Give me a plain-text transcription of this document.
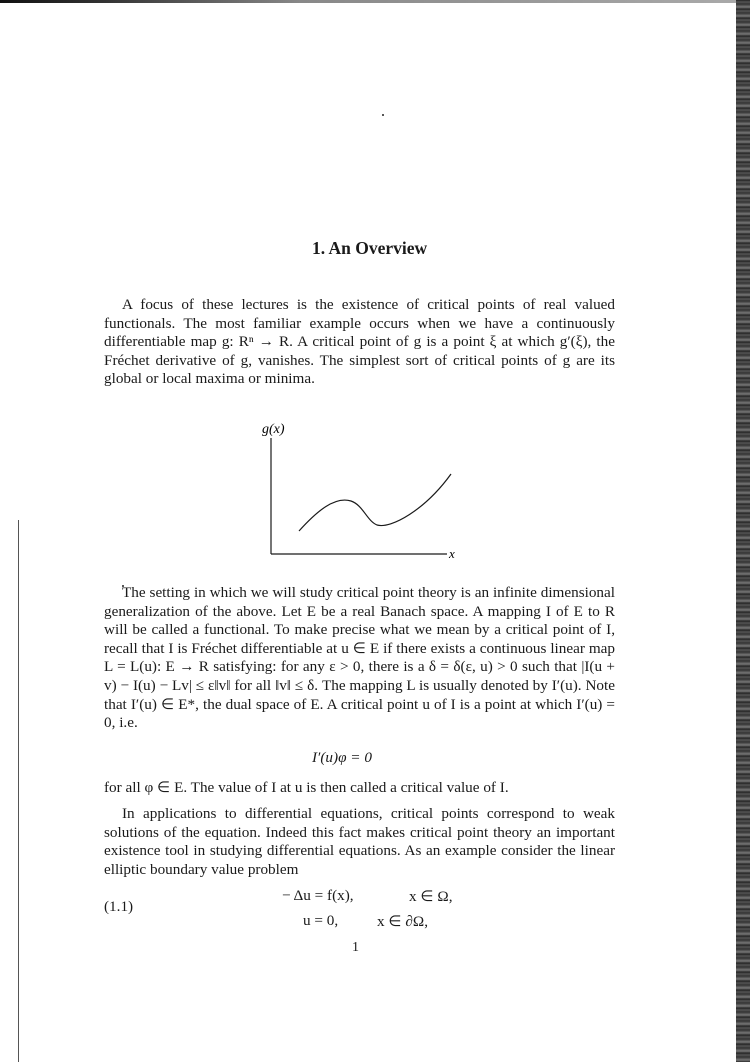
1. An Overview

A focus of these lectures is the existence of critical points of real valued functionals. The most familiar example occurs when we have a continuously differentiable map g: Rⁿ → R. A critical point of g is a point ξ at which g′(ξ), the Fréchet derivative of g, vanishes. The simplest sort of critical points of g are its global or local maxima or minima.

g(x)
x

The setting in which we will study critical point theory is an infinite dimensional generalization of the above. Let E be a real Banach space. A mapping I of E to R will be called a functional. To make precise what we mean by a critical point of I, recall that I is Fréchet differentiable at u ∈ E if there exists a continuous linear map L = L(u): E → R satisfying: for any ε > 0, there is a δ = δ(ε, u) > 0 such that |I(u + v) − I(u) − Lv| ≤ ε‖v‖ for all ‖v‖ ≤ δ. The mapping L is usually denoted by I′(u). Note that I′(u) ∈ E*, the dual space of E. A critical point u of I is a point at which I′(u) = 0, i.e.

I′(u)φ = 0

for all φ ∈ E. The value of I at u is then called a critical value of I.

In applications to differential equations, critical points correspond to weak solutions of the equation. Indeed this fact makes critical point theory an important existence tool in studying differential equations. As an example consider the linear elliptic boundary value problem

(1.1)
− Δu = f(x),	x ∈ Ω,
u = 0,	x ∈ ∂Ω,
1
